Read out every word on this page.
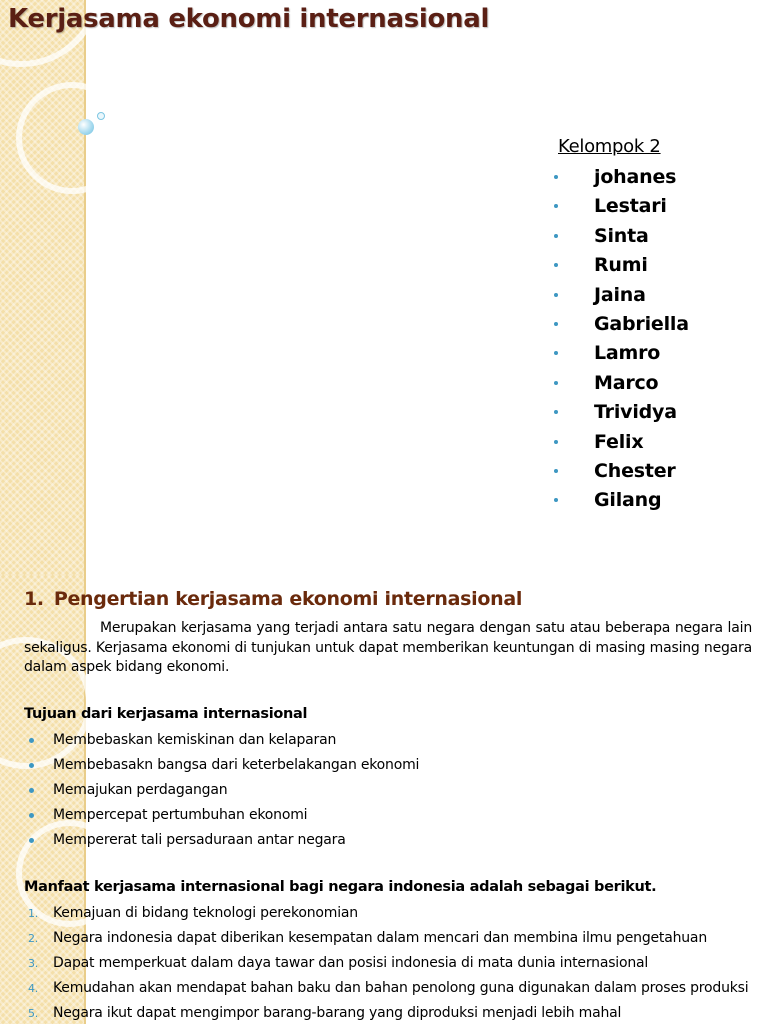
Kerjasama ekonomi internasional
Kelompok 2
johanes
Lestari
Sinta
Rumi
Jaina
Gabriella
Lamro
Marco
Trividya
Felix
Chester
Gilang
1. Pengertian kerjasama ekonomi internasional

Merupakan kerjasama yang terjadi antara satu negara dengan satu atau beberapa negara lain sekaligus. Kerjasama ekonomi di tunjukan untuk dapat memberikan keuntungan di masing masing negara dalam aspek bidang ekonomi.

Tujuan dari kerjasama internasional

Membebaskan kemiskinan dan kelaparan
Membebasakn bangsa dari keterbelakangan ekonomi
Memajukan perdagangan
Mempercepat pertumbuhan ekonomi
Mempererat tali persaduraan antar negara

Manfaat kerjasama internasional bagi negara indonesia adalah sebagai berikut.

1. Kemajuan di bidang teknologi perekonomian
2. Negara indonesia dapat diberikan kesempatan dalam mencari dan membina ilmu pengetahuan
3. Dapat memperkuat dalam daya tawar dan posisi indonesia di mata dunia internasional
4. Kemudahan akan mendapat bahan baku dan bahan penolong guna digunakan dalam proses produksi
5. Negara ikut dapat mengimpor barang-barang yang diproduksi menjadi lebih mahal
